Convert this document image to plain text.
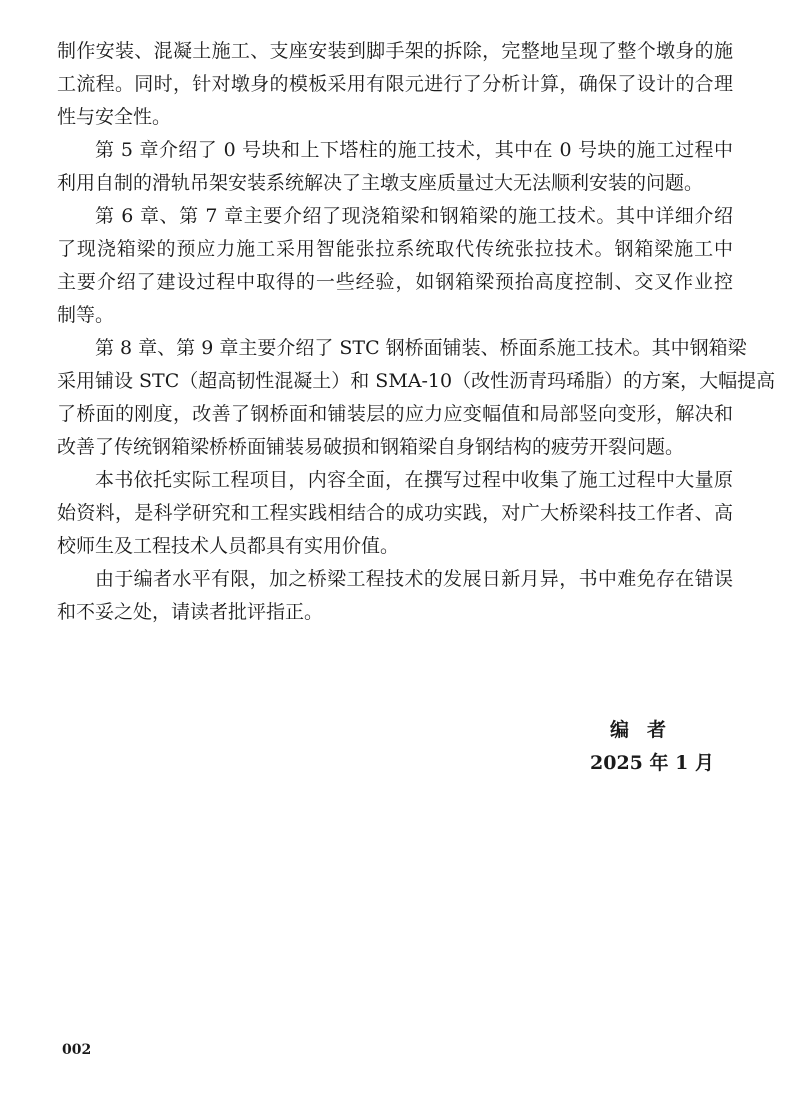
制作安装、混凝土施工、支座安装到脚手架的拆除，完整地呈现了整个墩身的施
工流程。同时，针对墩身的模板采用有限元进行了分析计算，确保了设计的合理
性与安全性。
第 5 章介绍了 0 号块和上下塔柱的施工技术，其中在 0 号块的施工过程中
利用自制的滑轨吊架安装系统解决了主墩支座质量过大无法顺利安装的问题。
第 6 章、第 7 章主要介绍了现浇箱梁和钢箱梁的施工技术。其中详细介绍
了现浇箱梁的预应力施工采用智能张拉系统取代传统张拉技术。钢箱梁施工中
主要介绍了建设过程中取得的一些经验，如钢箱梁预抬高度控制、交叉作业控
制等。
第 8 章、第 9 章主要介绍了 STC 钢桥面铺装、桥面系施工技术。其中钢箱梁
采用铺设 STC（超高韧性混凝土）和 SMA-10（改性沥青玛琋脂）的方案，大幅提高
了桥面的刚度，改善了钢桥面和铺装层的应力应变幅值和局部竖向变形，解决和
改善了传统钢箱梁桥桥面铺装易破损和钢箱梁自身钢结构的疲劳开裂问题。
本书依托实际工程项目，内容全面，在撰写过程中收集了施工过程中大量原
始资料，是科学研究和工程实践相结合的成功实践，对广大桥梁科技工作者、高
校师生及工程技术人员都具有实用价值。
由于编者水平有限，加之桥梁工程技术的发展日新月异，书中难免存在错误
和不妥之处，请读者批评指正。
编者
2025 年 1 月
002
